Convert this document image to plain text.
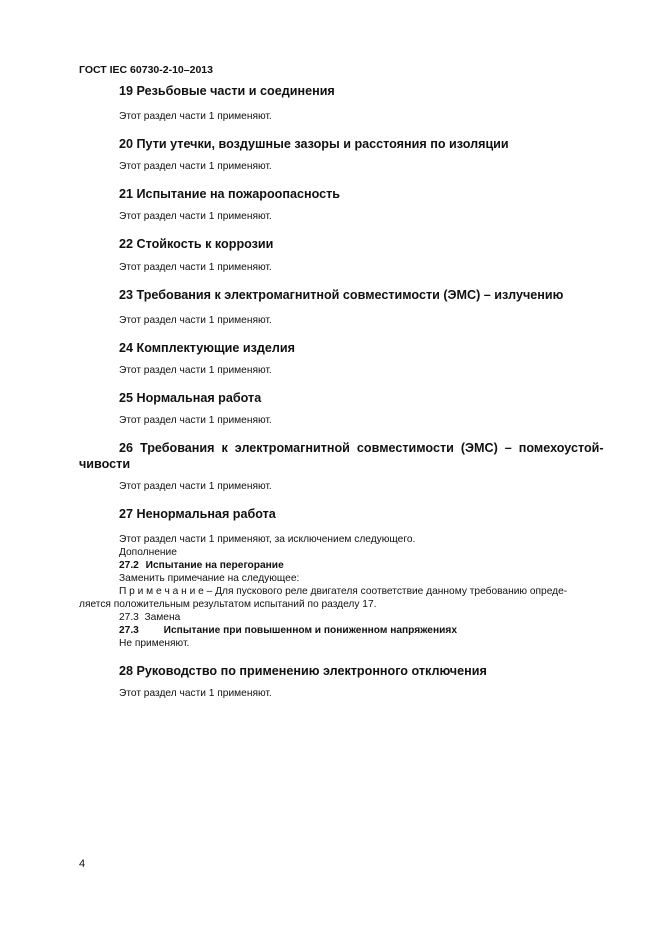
ГОСТ IEC 60730-2-10–2013
19 Резьбовые части и соединения
Этот раздел части 1 применяют.
20 Пути утечки, воздушные зазоры и расстояния по изоляции
Этот раздел части 1 применяют.
21 Испытание на пожароопасность
Этот раздел части 1 применяют.
22 Стойкость к коррозии
Этот раздел части 1 применяют.
23 Требования к электромагнитной совместимости (ЭМС) – излучению
Этот раздел части 1 применяют.
24 Комплектующие изделия
Этот раздел части 1 применяют.
25 Нормальная работа
Этот раздел части 1 применяют.
26  Требования  к  электромагнитной  совместимости  (ЭМС)  –  помехоустой-
чивости
Этот раздел части 1 применяют.
27 Ненормальная работа
Этот раздел части 1 применяют, за исключением следующего.
Дополнение
27.2 Испытание на перегорание
Заменить примечание на следующее:
П р и м е ч а н и е – Для пускового реле двигателя соответствие данному требованию опреде-
ляется положительным результатом испытаний по разделу 17.
27.3  Замена
27.3 Испытание при повышенном и пониженном напряжениях
Не применяют.
28 Руководство по применению электронного отключения
Этот раздел части 1 применяют.
4
